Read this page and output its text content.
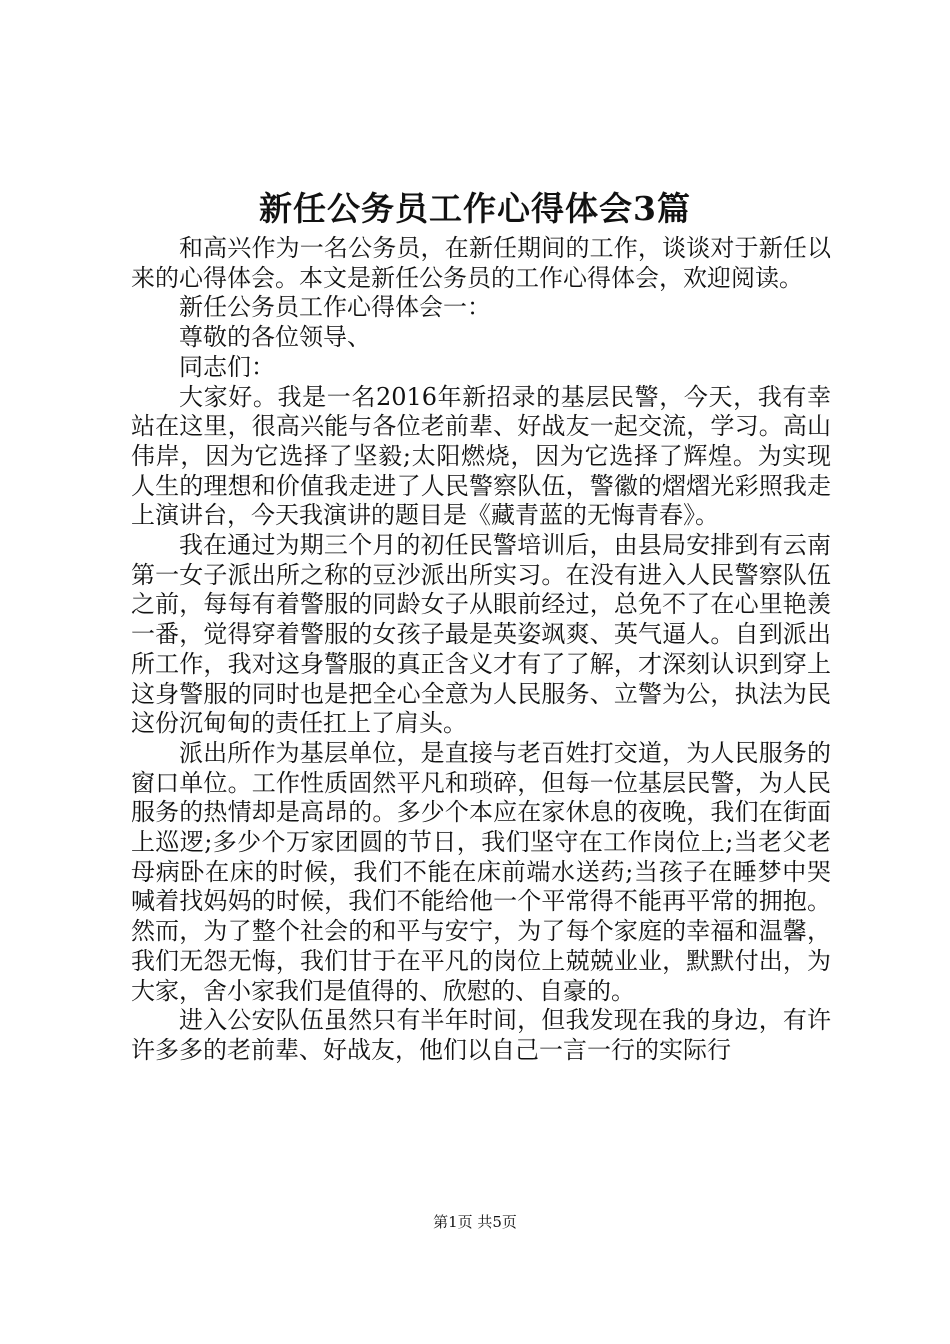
新任公务员工作心得体会3篇

和高兴作为一名公务员，在新任期间的工作，谈谈对于新任以来的心得体会。本文是新任公务员的工作心得体会，欢迎阅读。

新任公务员工作心得体会一：

尊敬的各位领导、

同志们：

大家好。我是一名2016年新招录的基层民警，今天，我有幸站在这里，很高兴能与各位老前辈、好战友一起交流，学习。高山伟岸，因为它选择了坚毅;太阳燃烧，因为它选择了辉煌。为实现人生的理想和价值我走进了人民警察队伍，警徽的熠熠光彩照我走上演讲台，今天我演讲的题目是《藏青蓝的无悔青春》。

我在通过为期三个月的初任民警培训后，由县局安排到有云南第一女子派出所之称的豆沙派出所实习。在没有进入人民警察队伍之前，每每有着警服的同龄女子从眼前经过，总免不了在心里艳羡一番，觉得穿着警服的女孩子最是英姿飒爽、英气逼人。自到派出所工作，我对这身警服的真正含义才有了了解，才深刻认识到穿上这身警服的同时也是把全心全意为人民服务、立警为公，执法为民这份沉甸甸的责任扛上了肩头。

派出所作为基层单位，是直接与老百姓打交道，为人民服务的窗口单位。工作性质固然平凡和琐碎，但每一位基层民警，为人民服务的热情却是高昂的。多少个本应在家休息的夜晚，我们在街面上巡逻;多少个万家团圆的节日，我们坚守在工作岗位上;当老父老母病卧在床的时候，我们不能在床前端水送药;当孩子在睡梦中哭喊着找妈妈的时候，我们不能给他一个平常得不能再平常的拥抱。然而，为了整个社会的和平与安宁，为了每个家庭的幸福和温馨，我们无怨无悔，我们甘于在平凡的岗位上兢兢业业，默默付出，为大家，舍小家我们是值得的、欣慰的、自豪的。

进入公安队伍虽然只有半年时间，但我发现在我的身边，有许许多多的老前辈、好战友，他们以自己一言一行的实际行

第1页 共5页
